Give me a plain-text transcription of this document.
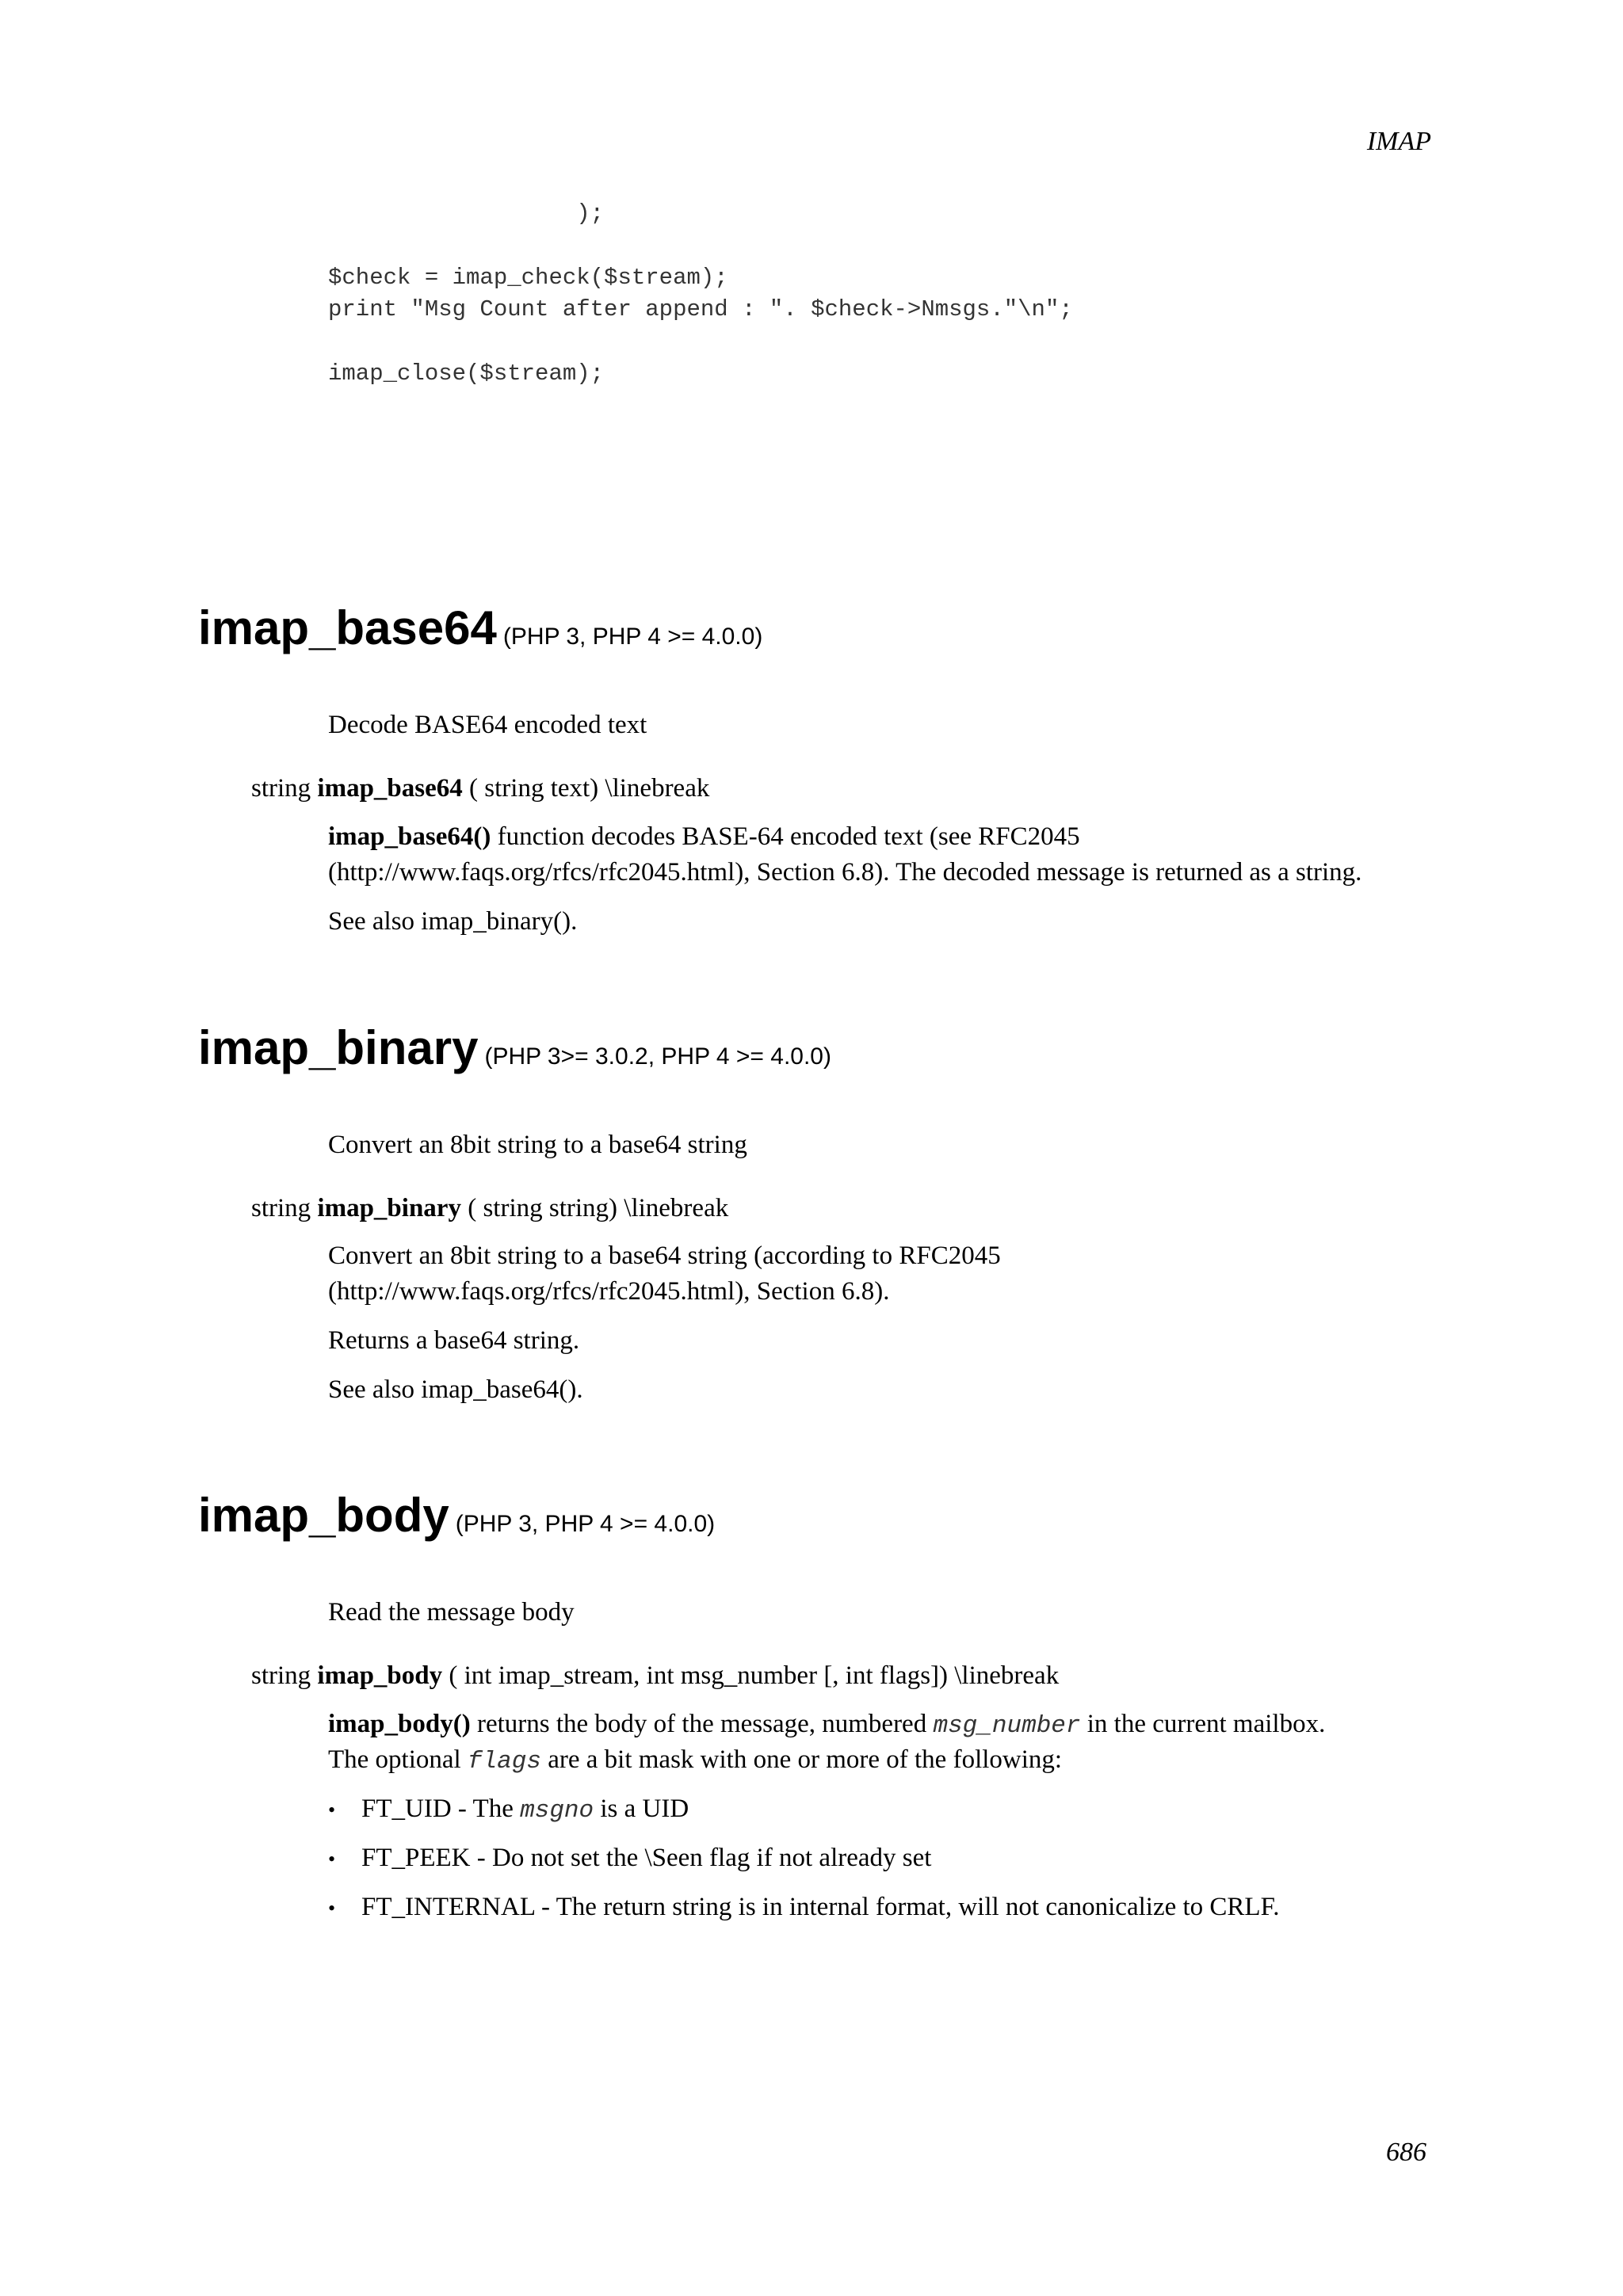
IMAP
);
$check = imap_check($stream);
print "Msg Count after append : ". $check->Nmsgs."\n";
imap_close($stream);
imap_base64 (PHP 3, PHP 4 >= 4.0.0)
Decode BASE64 encoded text
string imap_base64 ( string text) \linebreak
imap_base64() function decodes BASE-64 encoded text (see RFC2045
(http://www.faqs.org/rfcs/rfc2045.html), Section 6.8). The decoded message is returned as a string.
See also imap_binary().
imap_binary (PHP 3>= 3.0.2, PHP 4 >= 4.0.0)
Convert an 8bit string to a base64 string
string imap_binary ( string string) \linebreak
Convert an 8bit string to a base64 string (according to RFC2045
(http://www.faqs.org/rfcs/rfc2045.html), Section 6.8).
Returns a base64 string.
See also imap_base64().
imap_body (PHP 3, PHP 4 >= 4.0.0)
Read the message body
string imap_body ( int imap_stream, int msg_number [, int flags]) \linebreak
imap_body() returns the body of the message, numbered msg_number in the current mailbox.
The optional flags are a bit mask with one or more of the following:
• FT_UID - The msgno is a UID
• FT_PEEK - Do not set the \Seen flag if not already set
• FT_INTERNAL - The return string is in internal format, will not canonicalize to CRLF.
686
